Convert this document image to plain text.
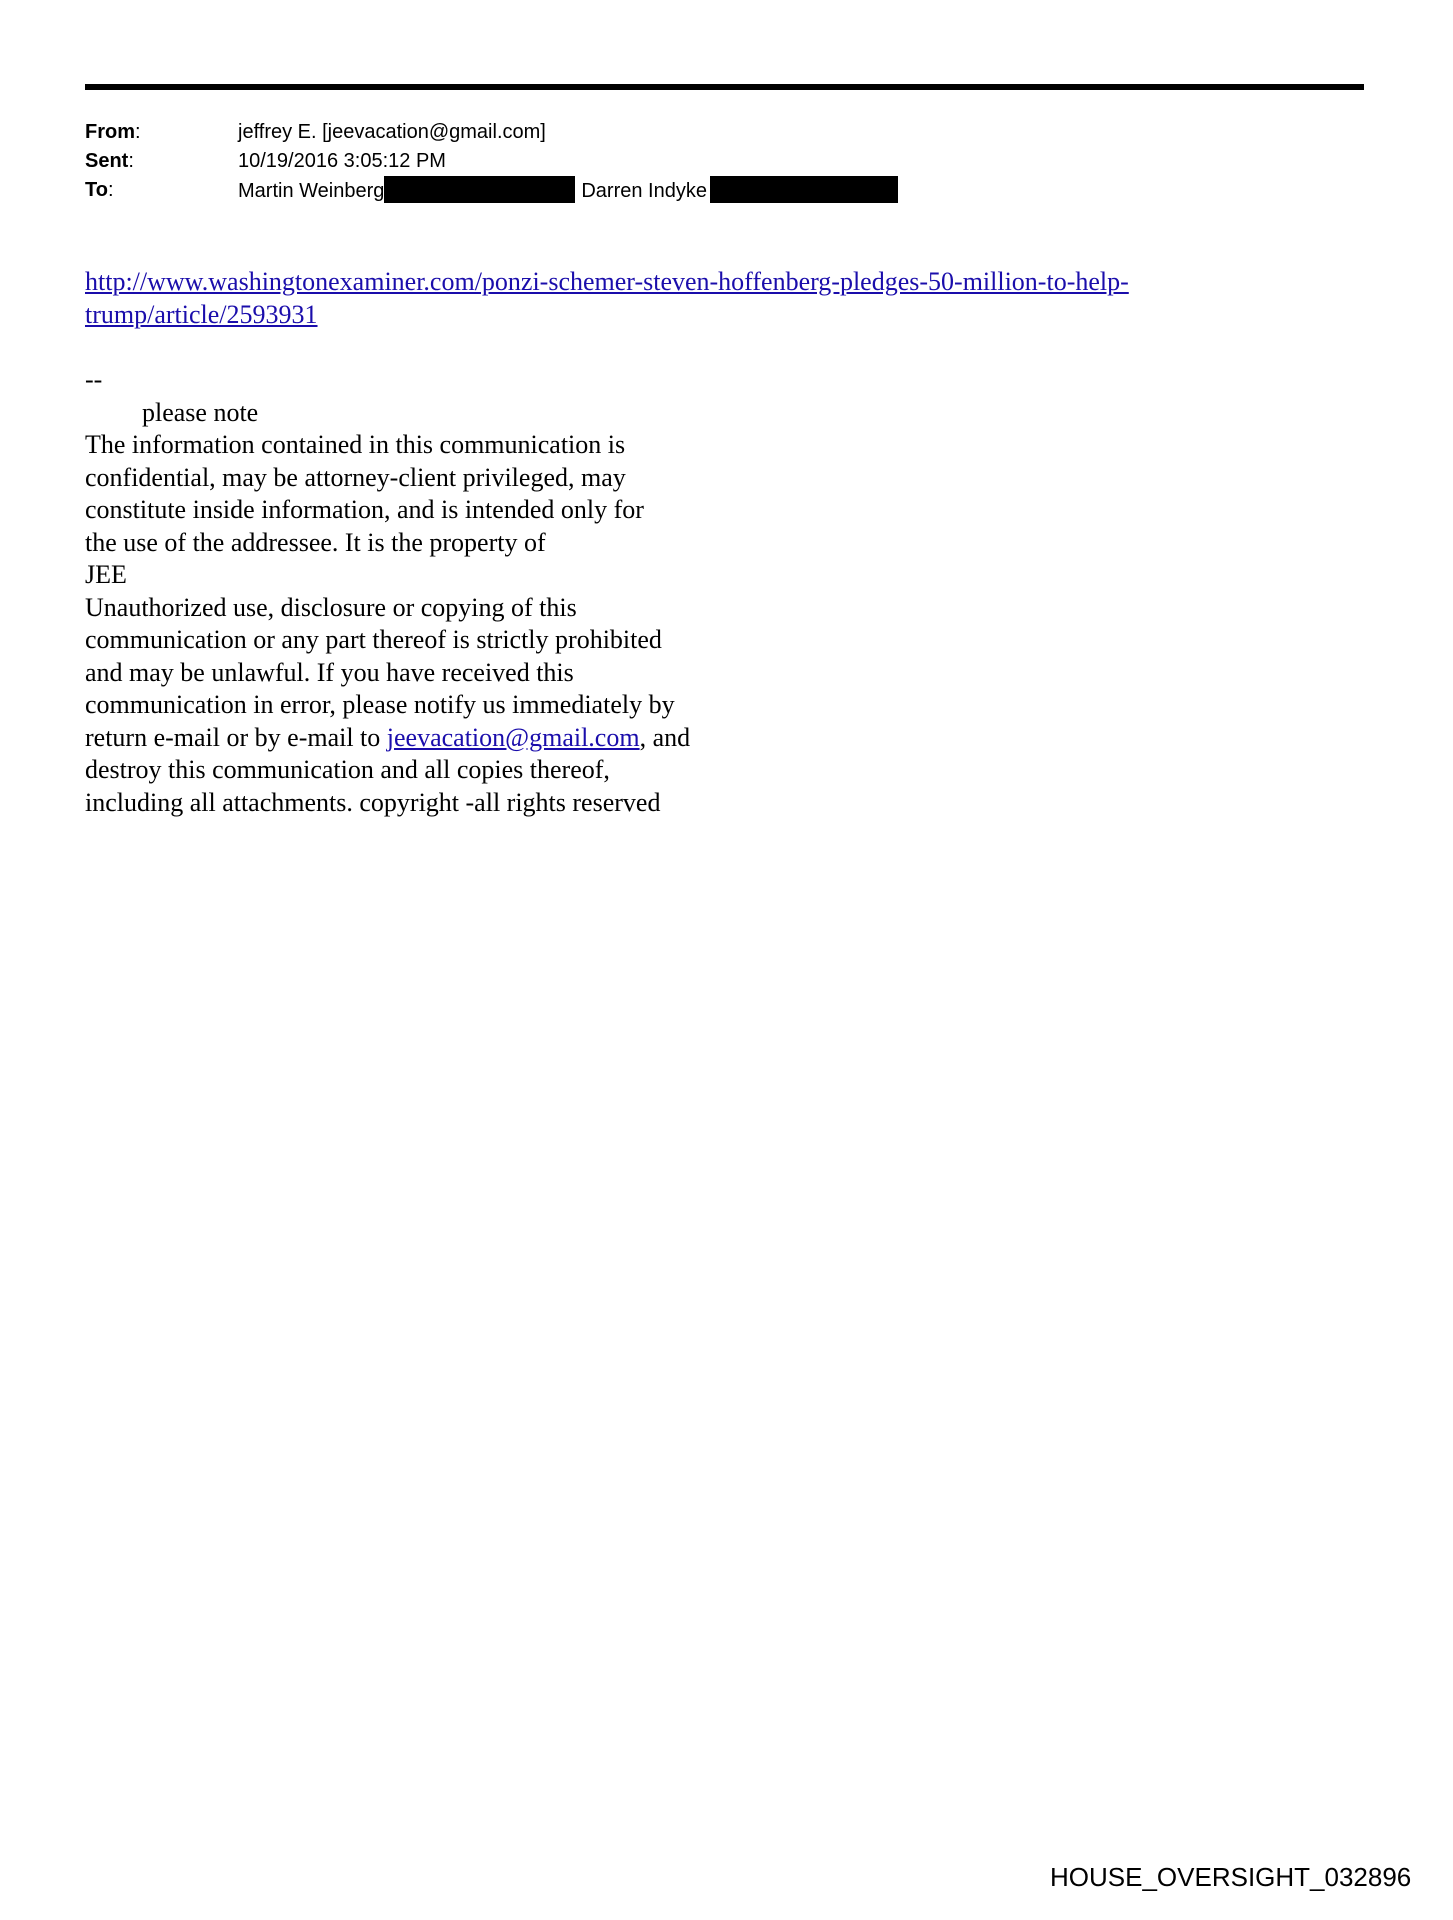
From:	jeffrey E. [jeevacation@gmail.com]
Sent:	10/19/2016 3:05:12 PM
To:	Martin Weinberg	Darren Indyke
http://www.washingtonexaminer.com/ponzi-schemer-steven-hoffenberg-pledges-50-million-to-help-
trump/article/2593931
--
please note
The information contained in this communication is
confidential, may be attorney-client privileged, may
constitute inside information, and is intended only for
the use of the addressee. It is the property of
JEE
Unauthorized use, disclosure or copying of this
communication or any part thereof is strictly prohibited
and may be unlawful. If you have received this
communication in error, please notify us immediately by
return e-mail or by e-mail to jeevacation@gmail.com, and
destroy this communication and all copies thereof,
including all attachments. copyright -all rights reserved
HOUSE_OVERSIGHT_032896
